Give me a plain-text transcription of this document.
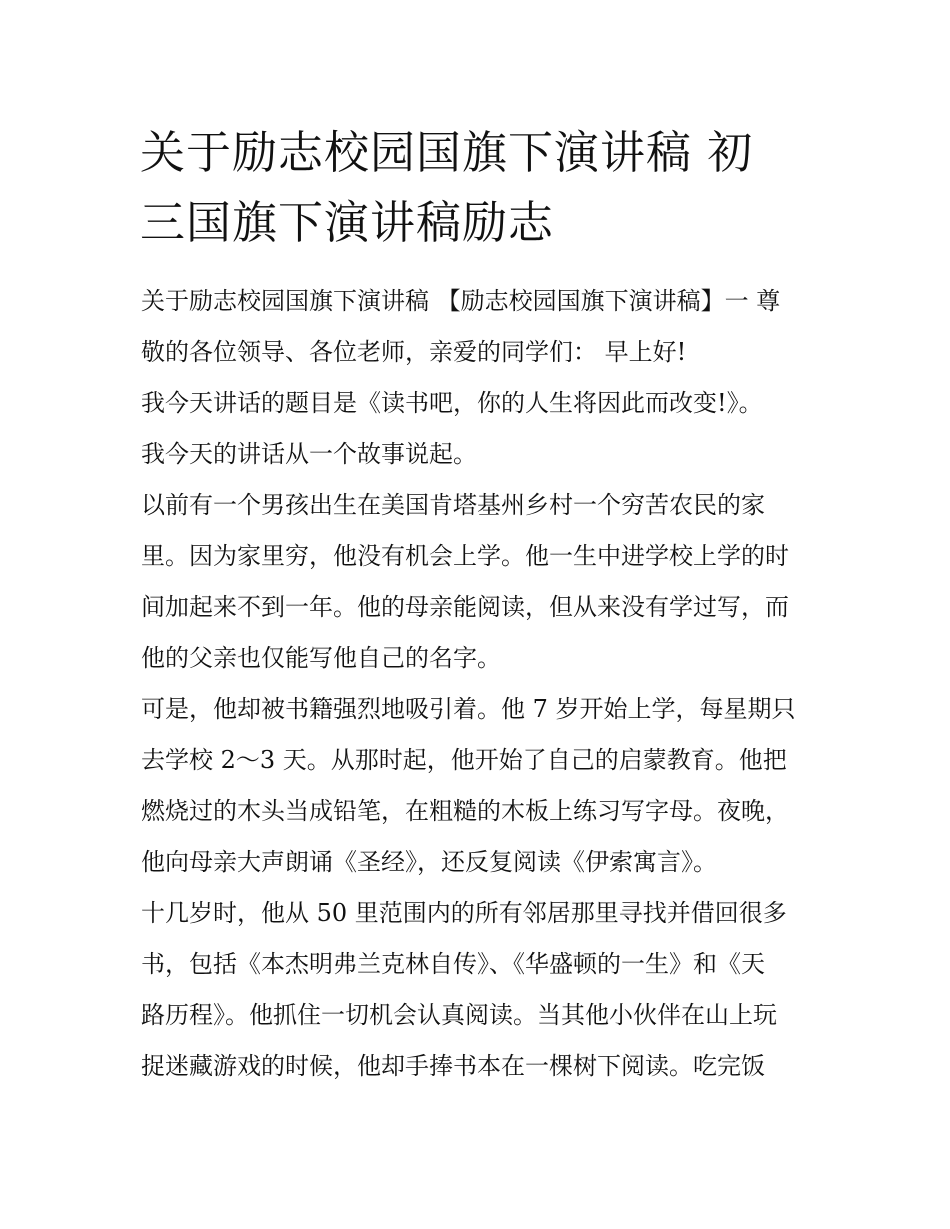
关于励志校园国旗下演讲稿 初
三国旗下演讲稿励志
关于励志校园国旗下演讲稿 【励志校园国旗下演讲稿】一 尊
敬的各位领导、各位老师，亲爱的同学们： 早上好!
我今天讲话的题目是《读书吧，你的人生将因此而改变!》。
我今天的讲话从一个故事说起。
以前有一个男孩出生在美国肯塔基州乡村一个穷苦农民的家
里。因为家里穷，他没有机会上学。他一生中进学校上学的时
间加起来不到一年。他的母亲能阅读，但从来没有学过写，而
他的父亲也仅能写他自己的名字。
可是，他却被书籍强烈地吸引着。他 7 岁开始上学，每星期只
去学校 2～3 天。从那时起，他开始了自己的启蒙教育。他把
燃烧过的木头当成铅笔，在粗糙的木板上练习写字母。夜晚，
他向母亲大声朗诵《圣经》，还反复阅读《伊索寓言》。
十几岁时，他从 50 里范围内的所有邻居那里寻找并借回很多
书，包括《本杰明弗兰克林自传》、《华盛顿的一生》和《天
路历程》。他抓住一切机会认真阅读。当其他小伙伴在山上玩
捉迷藏游戏的时候，他却手捧书本在一棵树下阅读。吃完饭
